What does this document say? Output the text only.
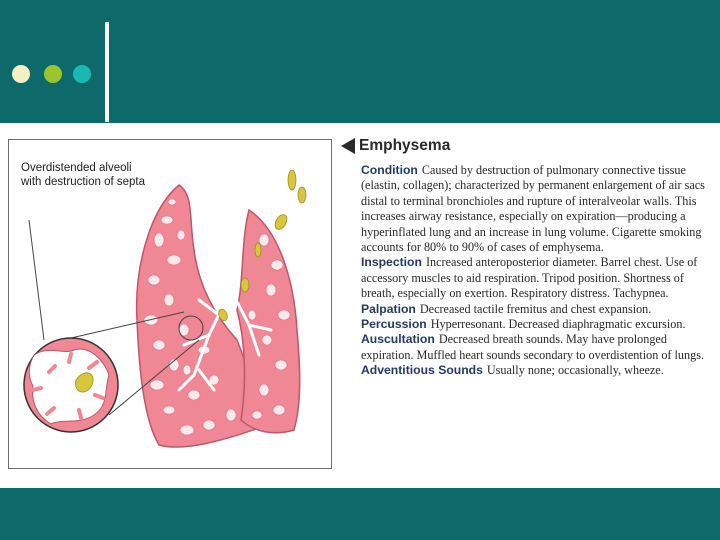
Overdistended alveoli
with destruction of septa
Emphysema

Condition Caused by destruction of pulmonary connective tissue (elastin, collagen); characterized by permanent enlargement of air sacs distal to terminal bronchioles and rupture of interalveolar walls. This increases airway resistance, especially on expiration—producing a hyperinflated lung and an increase in lung volume. Cigarette smoking accounts for 80% to 90% of cases of emphysema.

Inspection Increased anteroposterior diameter. Barrel chest. Use of accessory muscles to aid respiration. Tripod position. Shortness of breath, especially on exertion. Respiratory distress. Tachypnea.

Palpation Decreased tactile fremitus and chest expansion.

Percussion Hyperresonant. Decreased diaphragmatic excursion.

Auscultation Decreased breath sounds. May have prolonged expiration. Muffled heart sounds secondary to overdistention of lungs.

Adventitious Sounds Usually none; occasionally, wheeze.
